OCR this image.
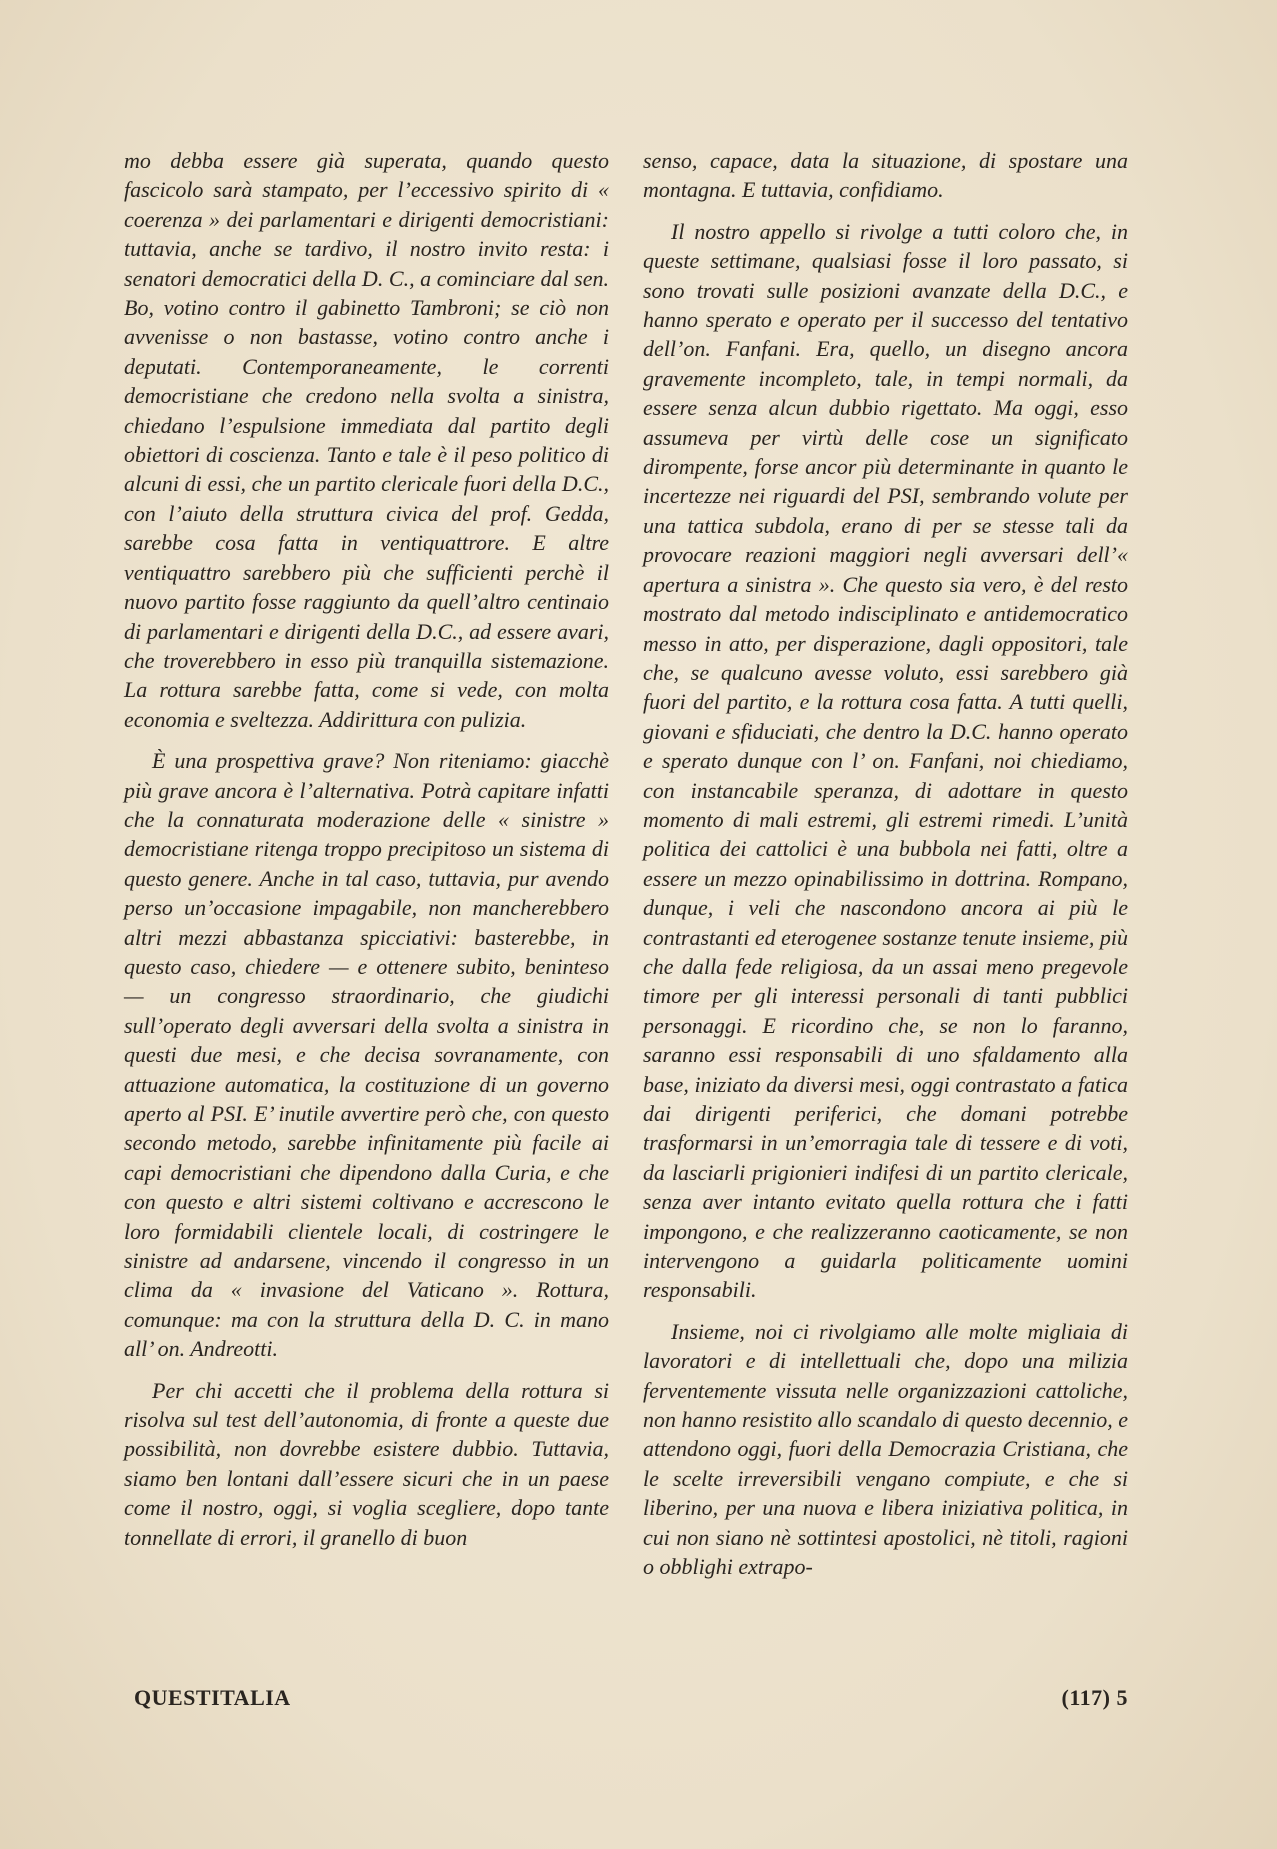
mo debba essere già superata, quando questo fascicolo sarà stampato, per l’eccessivo spirito di « coerenza » dei parlamentari e dirigenti democristiani: tuttavia, anche se tardivo, il nostro invito resta: i senatori democratici della D. C., a cominciare dal sen. Bo, votino contro il gabinetto Tambroni; se ciò non avvenisse o non bastasse, votino contro anche i deputati. Contemporaneamente, le correnti democristiane che credono nella svolta a sinistra, chiedano l’espulsione immediata dal partito degli obiettori di coscienza. Tanto e tale è il peso politico di alcuni di essi, che un partito clericale fuori della D.C., con l’aiuto della struttura civica del prof. Gedda, sarebbe cosa fatta in ventiquattrore. E altre ventiquattro sarebbero più che sufficienti perchè il nuovo partito fosse raggiunto da quell’altro centinaio di parlamentari e dirigenti della D.C., ad essere avari, che troverebbero in esso più tranquilla sistemazione. La rottura sarebbe fatta, come si vede, con molta economia e sveltezza. Addirittura con pulizia.

È una prospettiva grave? Non riteniamo: giacchè più grave ancora è l’alternativa. Potrà capitare infatti che la connaturata moderazione delle « sinistre » democristiane ritenga troppo precipitoso un sistema di questo genere. Anche in tal caso, tuttavia, pur avendo perso un’occasione impagabile, non mancherebbero altri mezzi abbastanza spicciativi: basterebbe, in questo caso, chiedere — e ottenere subito, beninteso — un congresso straordinario, che giudichi sull’operato degli avversari della svolta a sinistra in questi due mesi, e che decisa sovranamente, con attuazione automatica, la costituzione di un governo aperto al PSI. E’ inutile avvertire però che, con questo secondo metodo, sarebbe infinitamente più facile ai capi democristiani che dipendono dalla Curia, e che con questo e altri sistemi coltivano e accrescono le loro formidabili clientele locali, di costringere le sinistre ad andarsene, vincendo il congresso in un clima da « invasione del Vaticano ». Rottura, comunque: ma con la struttura della D. C. in mano all’ on. Andreotti.

Per chi accetti che il problema della rottura si risolva sul test dell’autonomia, di fronte a queste due possibilità, non dovrebbe esistere dubbio. Tuttavia, siamo ben lontani dall’essere sicuri che in un paese come il nostro, oggi, si voglia scegliere, dopo tante tonnellate di errori, il granello di buon

senso, capace, data la situazione, di spostare una montagna. E tuttavia, confidiamo.

Il nostro appello si rivolge a tutti coloro che, in queste settimane, qualsiasi fosse il loro passato, si sono trovati sulle posizioni avanzate della D.C., e hanno sperato e operato per il successo del tentativo dell’on. Fanfani. Era, quello, un disegno ancora gravemente incompleto, tale, in tempi normali, da essere senza alcun dubbio rigettato. Ma oggi, esso assumeva per virtù delle cose un significato dirompente, forse ancor più determinante in quanto le incertezze nei riguardi del PSI, sembrando volute per una tattica subdola, erano di per se stesse tali da provocare reazioni maggiori negli avversari dell’« apertura a sinistra ». Che questo sia vero, è del resto mostrato dal metodo indisciplinato e antidemocratico messo in atto, per disperazione, dagli oppositori, tale che, se qualcuno avesse voluto, essi sarebbero già fuori del partito, e la rottura cosa fatta. A tutti quelli, giovani e sfiduciati, che dentro la D.C. hanno operato e sperato dunque con l’ on. Fanfani, noi chiediamo, con instancabile speranza, di adottare in questo momento di mali estremi, gli estremi rimedi. L’unità politica dei cattolici è una bubbola nei fatti, oltre a essere un mezzo opinabilissimo in dottrina. Rompano, dunque, i veli che nascondono ancora ai più le contrastanti ed eterogenee sostanze tenute insieme, più che dalla fede religiosa, da un assai meno pregevole timore per gli interessi personali di tanti pubblici personaggi. E ricordino che, se non lo faranno, saranno essi responsabili di uno sfaldamento alla base, iniziato da diversi mesi, oggi contrastato a fatica dai dirigenti periferici, che domani potrebbe trasformarsi in un’emorragia tale di tessere e di voti, da lasciarli prigionieri indifesi di un partito clericale, senza aver intanto evitato quella rottura che i fatti impongono, e che realizzeranno caoticamente, se non intervengono a guidarla politicamente uomini responsabili.

Insieme, noi ci rivolgiamo alle molte migliaia di lavoratori e di intellettuali che, dopo una milizia ferventemente vissuta nelle organizzazioni cattoliche, non hanno resistito allo scandalo di questo decennio, e attendono oggi, fuori della Democrazia Cristiana, che le scelte irreversibili vengano compiute, e che si liberino, per una nuova e libera iniziativa politica, in cui non siano nè sottintesi apostolici, nè titoli, ragioni o obblighi extrapo-

QUESTITALIA	(117) 5
